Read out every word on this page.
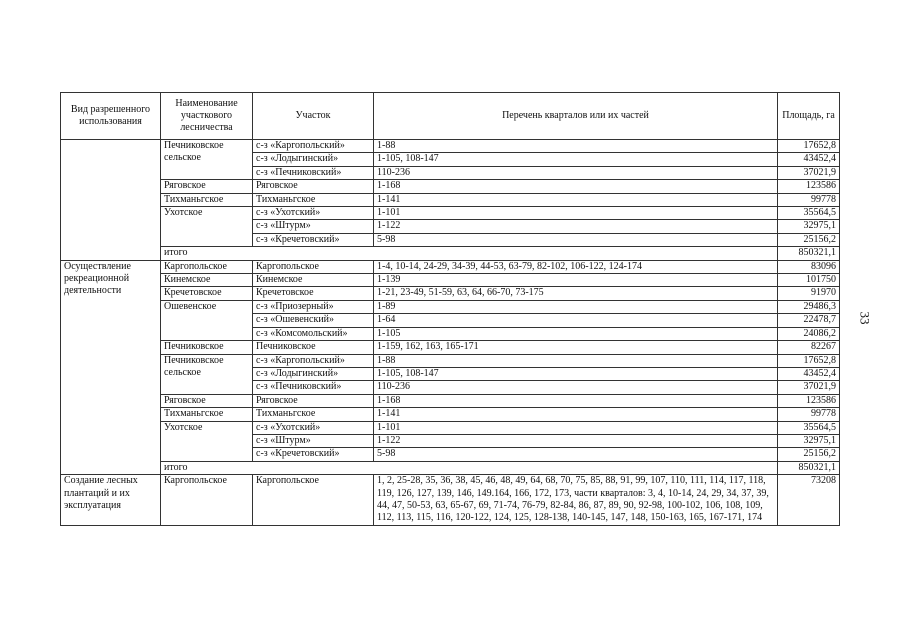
Вид разрешенного использования	Наименование участкового лесничества	Участок	Перечень кварталов или их частей	Площадь, га
	Печниковское сельское	с-з «Каргопольский»	1-88	17652,8
		с-з «Лодыгинский»	1-105, 108-147	43452,4
		с-з «Печниковский»	110-236	37021,9
	Ряговское	Ряговское	1-168	123586
	Тихманьгское	Тихманьгское	1-141	99778
	Ухотское	с-з «Ухотский»	1-101	35564,5
		с-з «Штурм»	1-122	32975,1
		с-з «Кречетовский»	5-98	25156,2
	итого			850321,1
Осуществление рекреационной деятельности	Каргопольское	Каргопольское	1-4, 10-14, 24-29, 34-39, 44-53, 63-79, 82-102, 106-122, 124-174	83096
	Кинемское	Кинемское	1-139	101750
	Кречетовское	Кречетовское	1-21, 23-49, 51-59, 63, 64, 66-70, 73-175	91970
	Ошевенское	с-з «Приозерный»	1-89	29486,3
		с-з «Ошевенский»	1-64	22478,7
		с-з «Комсомольский»	1-105	24086,2
	Печниковское	Печниковское	1-159, 162, 163, 165-171	82267
	Печниковское сельское	с-з «Каргопольский»	1-88	17652,8
		с-з «Лодыгинский»	1-105, 108-147	43452,4
		с-з «Печниковский»	110-236	37021,9
	Ряговское	Ряговское	1-168	123586
	Тихманьгское	Тихманьгское	1-141	99778
	Ухотское	с-з «Ухотский»	1-101	35564,5
		с-з «Штурм»	1-122	32975,1
		с-з «Кречетовский»	5-98	25156,2
	итого			850321,1
Создание лесных плантаций и их эксплуатация	Каргопольское	Каргопольское	1, 2, 25-28, 35, 36, 38, 45, 46, 48, 49, 64, 68, 70, 75, 85, 88, 91, 99, 107, 110, 111, 114, 117, 118, 119, 126, 127, 139, 146, 149.164, 166, 172, 173, части кварталов: 3, 4, 10-14, 24, 29, 34, 37, 39, 44, 47, 50-53, 63, 65-67, 69, 71-74, 76-79, 82-84, 86, 87, 89, 90, 92-98, 100-102, 106, 108, 109, 112, 113, 115, 116, 120-122, 124, 125, 128-138, 140-145, 147, 148, 150-163, 165, 167-171, 174	73208
33
